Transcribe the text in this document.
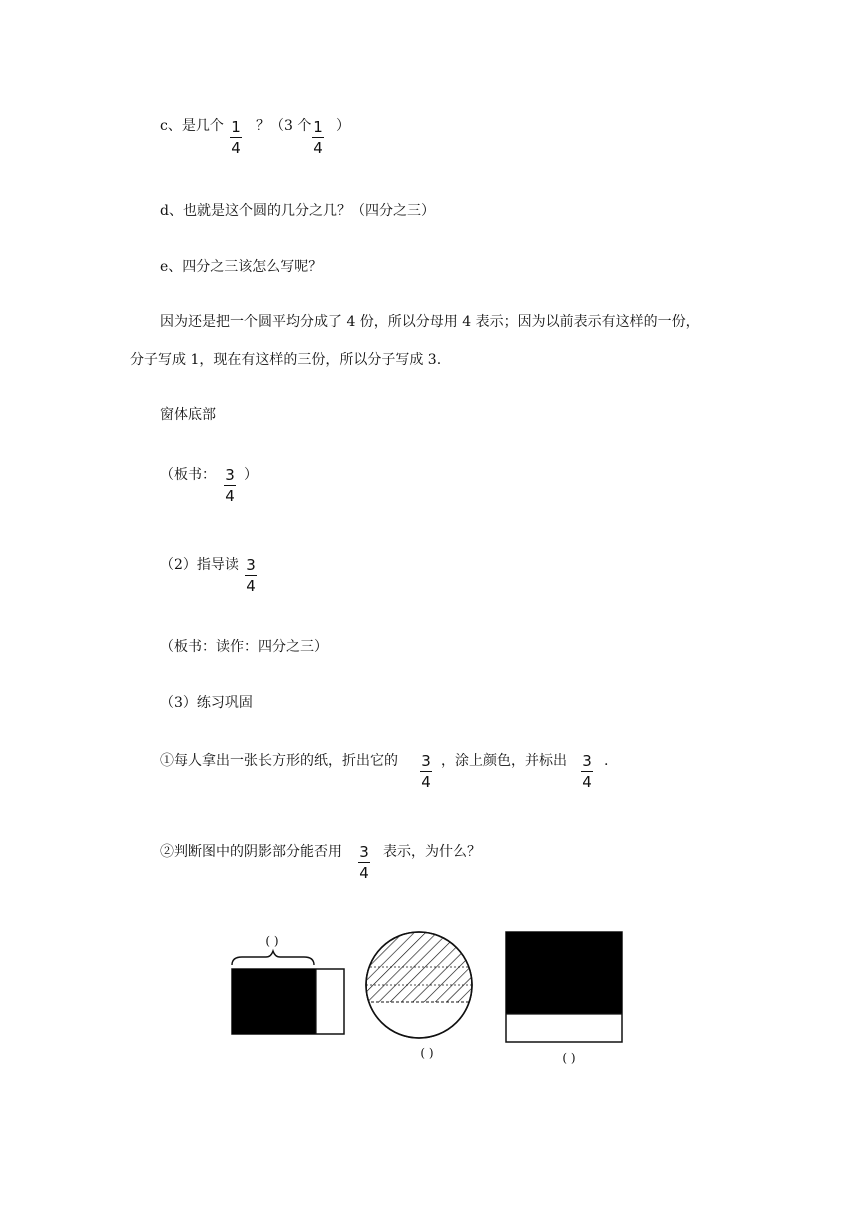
c、是几个 1
4
？（3 个 1
4
）
d、也就是这个圆的几分之几？（四分之三）
e、四分之三该怎么写呢？
因为还是把一个圆平均分成了 4 份，所以分母用 4 表示；因为以前表示有这样的一份，
分子写成 1，现在有这样的三份，所以分子写成 3.
窗体底部
（板书： 3
4
）
（2）指导读 3
4
（板书：读作：四分之三）
（3）练习巩固
①每人拿出一张长方形的纸，折出它的 3
4
，涂上颜色，并标出 3
4
.
②判断图中的阴影部分能否用 3
4
表示，为什么？
( )
( )	( )
